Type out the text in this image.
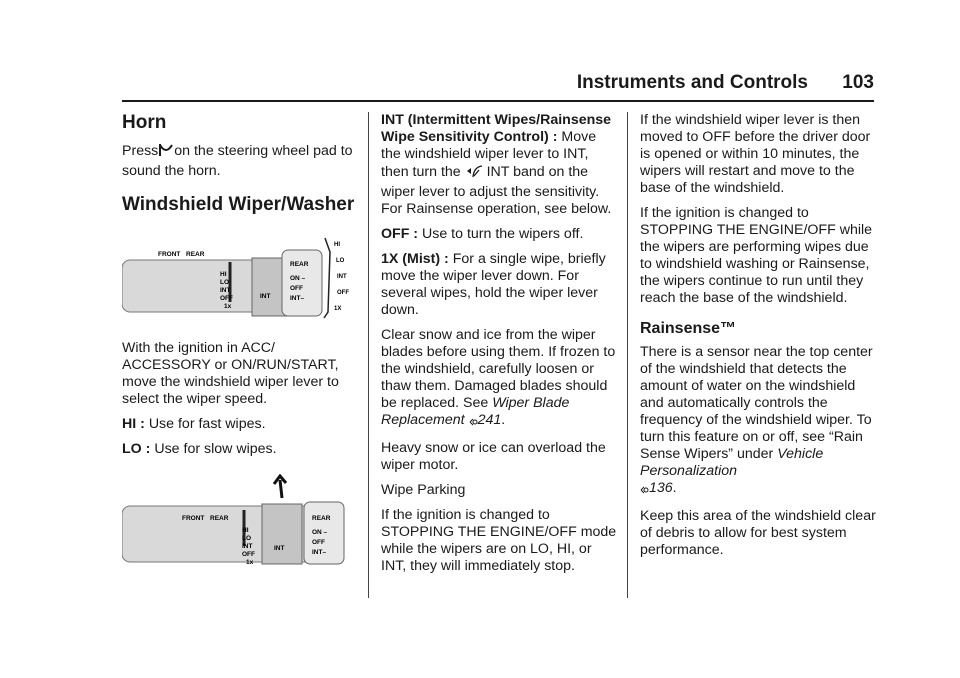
Instruments and Controls 103
Horn

Press on the steering wheel pad to sound the horn.

Windshield Wiper/Washer
FRONT REAR
HI
LO
INT
OFF
1x
INT
REAR
ON –
OFF
INT–
HI
LO
INT
OFF
1X

With the ignition in ACC/ ACCESSORY or ON/RUN/START, move the windshield wiper lever to select the wiper speed.

HI : Use for fast wipes.

LO : Use for slow wipes.

FRONT REAR
HI
LO
INT
OFF
1x
INT
REAR
ON –
OFF
INT–

INT (Intermittent Wipes/Rainsense Wipe Sensitivity Control) : Move the windshield wiper lever to INT, then turn the INT band on the wiper lever to adjust the sensitivity. For Rainsense operation, see below.

OFF : Use to turn the wipers off.

1X (Mist) : For a single wipe, briefly move the wiper lever down. For several wipes, hold the wiper lever down.

Clear snow and ice from the wiper blades before using them. If frozen to the windshield, carefully loosen or thaw them. Damaged blades should be replaced. See Wiper Blade Replacement 241.

Heavy snow or ice can overload the wiper motor.

Wipe Parking

If the ignition is changed to STOPPING THE ENGINE/OFF mode while the wipers are on LO, HI, or INT, they will immediately stop.

If the windshield wiper lever is then moved to OFF before the driver door is opened or within 10 minutes, the wipers will restart and move to the base of the windshield.

If the ignition is changed to STOPPING THE ENGINE/OFF while the wipers are performing wipes due to windshield washing or Rainsense, the wipers continue to run until they reach the base of the windshield.

Rainsense™

There is a sensor near the top center of the windshield that detects the amount of water on the windshield and automatically controls the frequency of the windshield wiper. To turn this feature on or off, see “Rain Sense Wipers” under Vehicle Personalization
136.

Keep this area of the windshield clear of debris to allow for best system performance.
